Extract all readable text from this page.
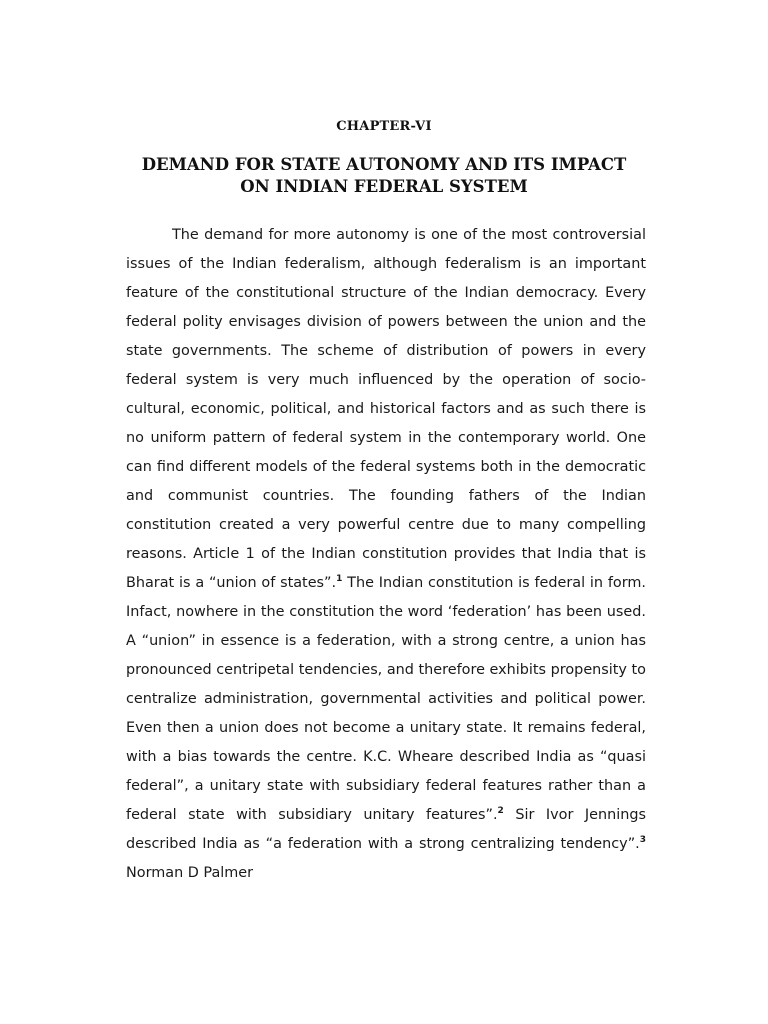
CHAPTER-VI
DEMAND FOR STATE AUTONOMY AND ITS IMPACT
ON INDIAN FEDERAL SYSTEM

The demand for more autonomy is one of the most controversial issues of the Indian federalism, although federalism is an important feature of the constitutional structure of the Indian democracy. Every federal polity envisages division of powers between the union and the state governments. The scheme of distribution of powers in every federal system is very much influenced by the operation of socio-cultural, economic, political, and historical factors and as such there is no uniform pattern of federal system in the contemporary world. One can find different models of the federal systems both in the democratic and communist countries. The founding fathers of the Indian constitution created a very powerful centre due to many compelling reasons. Article 1 of the Indian constitution provides that India that is Bharat is a “union of states”.$^1$ The Indian constitution is federal in form. Infact, nowhere in the constitution the word ‘federation’ has been used. A “union” in essence is a federation, with a strong centre, a union has pronounced centripetal tendencies, and therefore exhibits propensity to centralize administration, governmental activities and political power. Even then a union does not become a unitary state. It remains federal, with a bias towards the centre. K.C. Wheare described India as “quasi federal”, a unitary state with subsidiary federal features rather than a federal state with subsidiary unitary features”.$^2$ Sir Ivor Jennings described India as “a federation with a strong centralizing tendency”.$^3$ Norman D Palmer
